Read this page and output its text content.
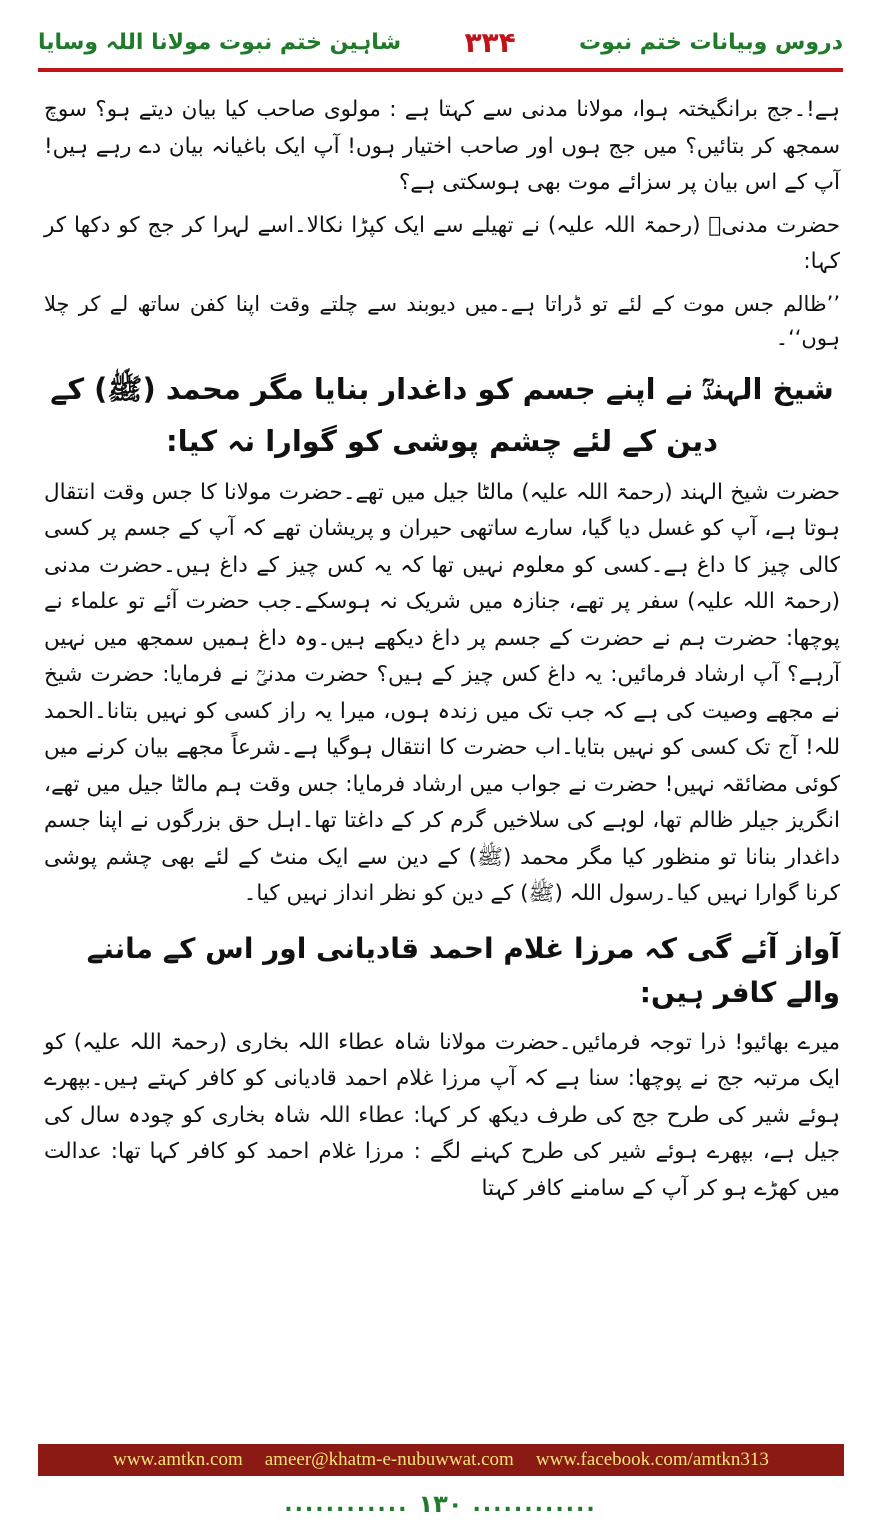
شاہین ختم نبوت مولانا اللہ وسایا ۳۳۴	دروس وبیانات ختم نبوت

ہے!۔جج برانگیختہ ہوا، مولانا مدنی سے کہتا ہے : مولوی صاحب کیا بیان دیتے ہو؟ سوچ سمجھ کر بتائیں؟ میں جج ہوں اور صاحب اختیار ہوں! آپ ایک باغیانہ بیان دے رہے ہیں! آپ کے اس بیان پر سزائے موت بھی ہوسکتی ہے؟

حضرت مدنیؒ (رحمۃ اللہ علیہ) نے تھیلے سے ایک کپڑا نکالا۔اسے لہرا کر جج کو دکھا کر کہا:

’’ظالم جس موت کے لئے تو ڈراتا ہے۔میں دیوبند سے چلتے وقت اپنا کفن ساتھ لے کر چلا ہوں‘‘۔

شیخ الہندؒ نے اپنے جسم کو داغدار بنایا مگر محمد (ﷺ) کے دین کے لئے چشم پوشی کو گوارا نہ کیا:

حضرت شیخ الہند (رحمۃ اللہ علیہ) مالٹا جیل میں تھے۔حضرت مولانا کا جس وقت انتقال ہوتا ہے، آپ کو غسل دیا گیا، سارے ساتھی حیران و پریشان تھے کہ آپ کے جسم پر کسی کالی چیز کا داغ ہے۔کسی کو معلوم نہیں تھا کہ یہ کس چیز کے داغ ہیں۔حضرت مدنی (رحمۃ اللہ علیہ) سفر پر تھے، جنازہ میں شریک نہ ہوسکے۔جب حضرت آئے تو علماء نے پوچھا: حضرت ہم نے حضرت کے جسم پر داغ دیکھے ہیں۔وہ داغ ہمیں سمجھ میں نہیں آرہے؟ آپ ارشاد فرمائیں: یہ داغ کس چیز کے ہیں؟ حضرت مدنیؒ نے فرمایا: حضرت شیخ نے مجھے وصیت کی ہے کہ جب تک میں زندہ ہوں، میرا یہ راز کسی کو نہیں بتانا۔الحمد للہ! آج تک کسی کو نہیں بتایا۔اب حضرت کا انتقال ہوگیا ہے۔شرعاً مجھے بیان کرنے میں کوئی مضائقہ نہیں! حضرت نے جواب میں ارشاد فرمایا: جس وقت ہم مالٹا جیل میں تھے، انگریز جیلر ظالم تھا، لوہے کی سلاخیں گرم کر کے داغتا تھا۔اہل حق بزرگوں نے اپنا جسم داغدار بنانا تو منظور کیا مگر محمد (ﷺ) کے دین سے ایک منٹ کے لئے بھی چشم پوشی کرنا گوارا نہیں کیا۔رسول اللہ (ﷺ) کے دین کو نظر انداز نہیں کیا۔

آواز آئے گی کہ مرزا غلام احمد قادیانی اور اس کے ماننے والے کافر ہیں:

میرے بھائیو! ذرا توجہ فرمائیں۔حضرت مولانا شاہ عطاء اللہ بخاری (رحمۃ اللہ علیہ) کو ایک مرتبہ جج نے پوچھا: سنا ہے کہ آپ مرزا غلام احمد قادیانی کو کافر کہتے ہیں۔بپھرے ہوئے شیر کی طرح جج کی طرف دیکھ کر کہا: عطاء اللہ شاہ بخاری کو چودہ سال کی جیل ہے، بپھرے ہوئے شیر کی طرح کہنے لگے : مرزا غلام احمد کو کافر کہا تھا: عدالت میں کھڑے ہو کر آپ کے سامنے کافر کہتا

www.amtkn.com ameer@khatm-e-nubuwwat.com www.facebook.com/amtkn313
............ ۱۳۰ ............
